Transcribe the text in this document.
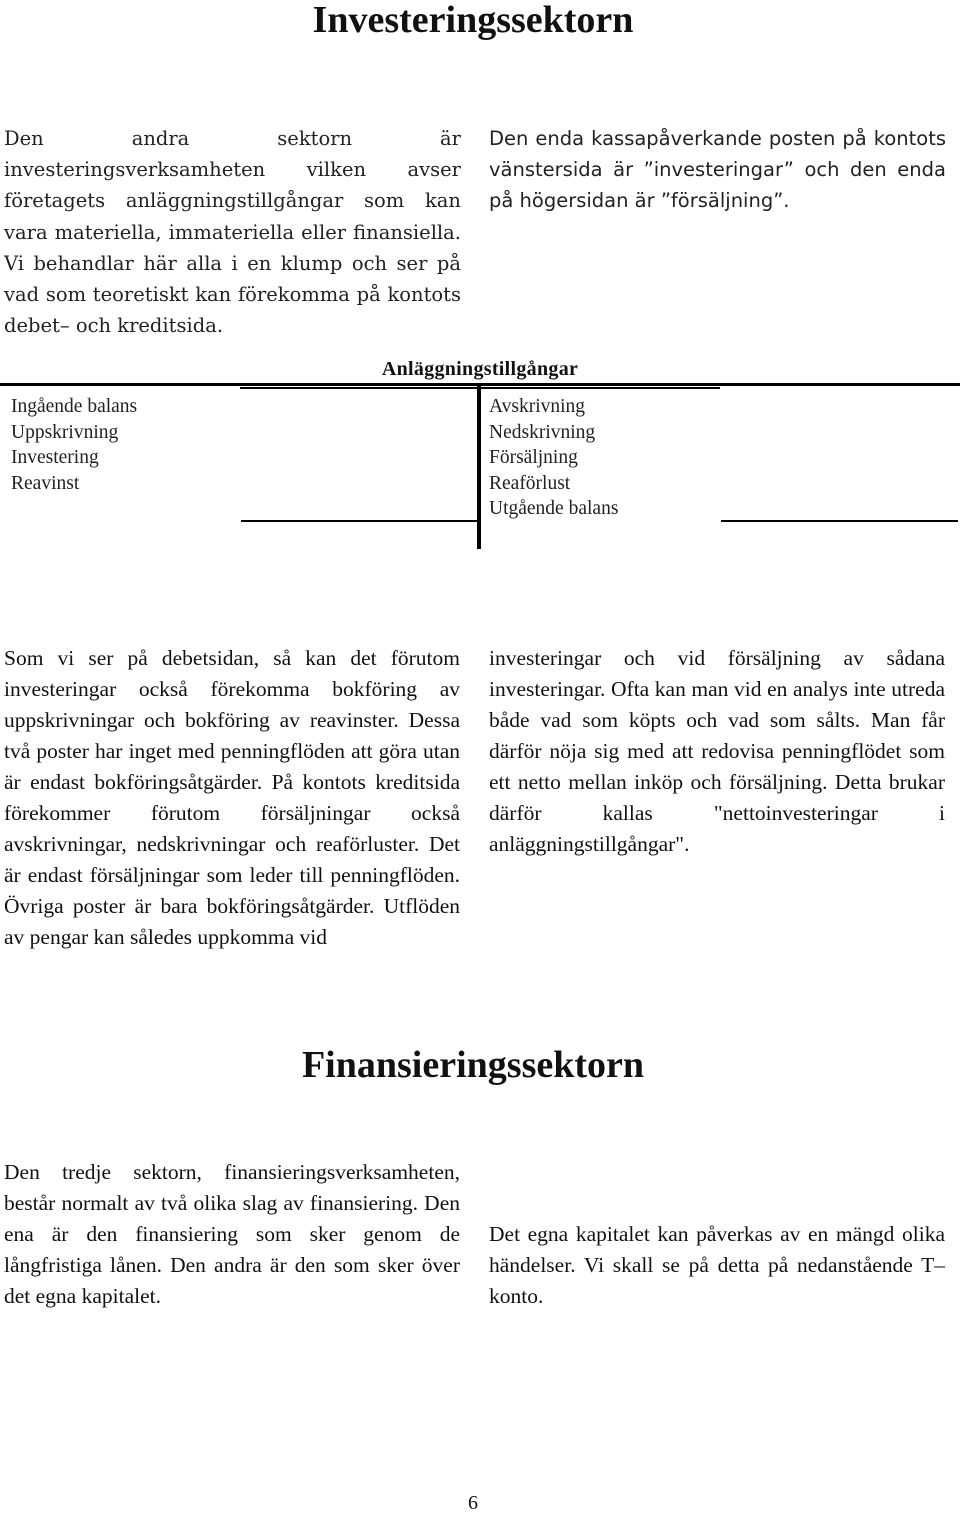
Investeringssektorn

Den andra sektorn är investeringsverksamheten vilken avser företagets anläggningstillgångar som kan vara materiella, immateriella eller finansiella. Vi behandlar här alla i en klump och ser på vad som teoretiskt kan förekomma på kontots debet– och kreditsida.

Den enda kassapåverkande posten på kontots vänstersida är ”investeringar” och den enda på högersidan är ”försäljning”.

Anläggningstillgångar
Ingående balans
Uppskrivning
Investering
Reavinst
Avskrivning
Nedskrivning
Försäljning
Reaförlust
Utgående balans

Som vi ser på debetsidan, så kan det förutom investeringar också förekomma bokföring av uppskrivningar och bokföring av reavinster. Dessa två poster har inget med penningflöden att göra utan är endast bokföringsåtgärder. På kontots kreditsida förekommer förutom försäljningar också avskrivningar, nedskrivningar och reaförluster. Det är endast försäljningar som leder till penningflöden. Övriga poster är bara bokföringsåtgärder. Utflöden av pengar kan således uppkomma vid

investeringar och vid försäljning av sådana investeringar. Ofta kan man vid en analys inte utreda både vad som köpts och vad som sålts. Man får därför nöja sig med att redovisa penningflödet som ett netto mellan inköp och försäljning. Detta brukar därför kallas "nettoinvesteringar i anläggningstillgångar".

Finansieringssektorn

Den tredje sektorn, finansieringsverksamheten, består normalt av två olika slag av finansiering. Den ena är den finansiering som sker genom de långfristiga lånen. Den andra är den som sker över det egna kapitalet.

Det egna kapitalet kan påverkas av en mängd olika händelser. Vi skall se på detta på nedanstående T–konto.

6
